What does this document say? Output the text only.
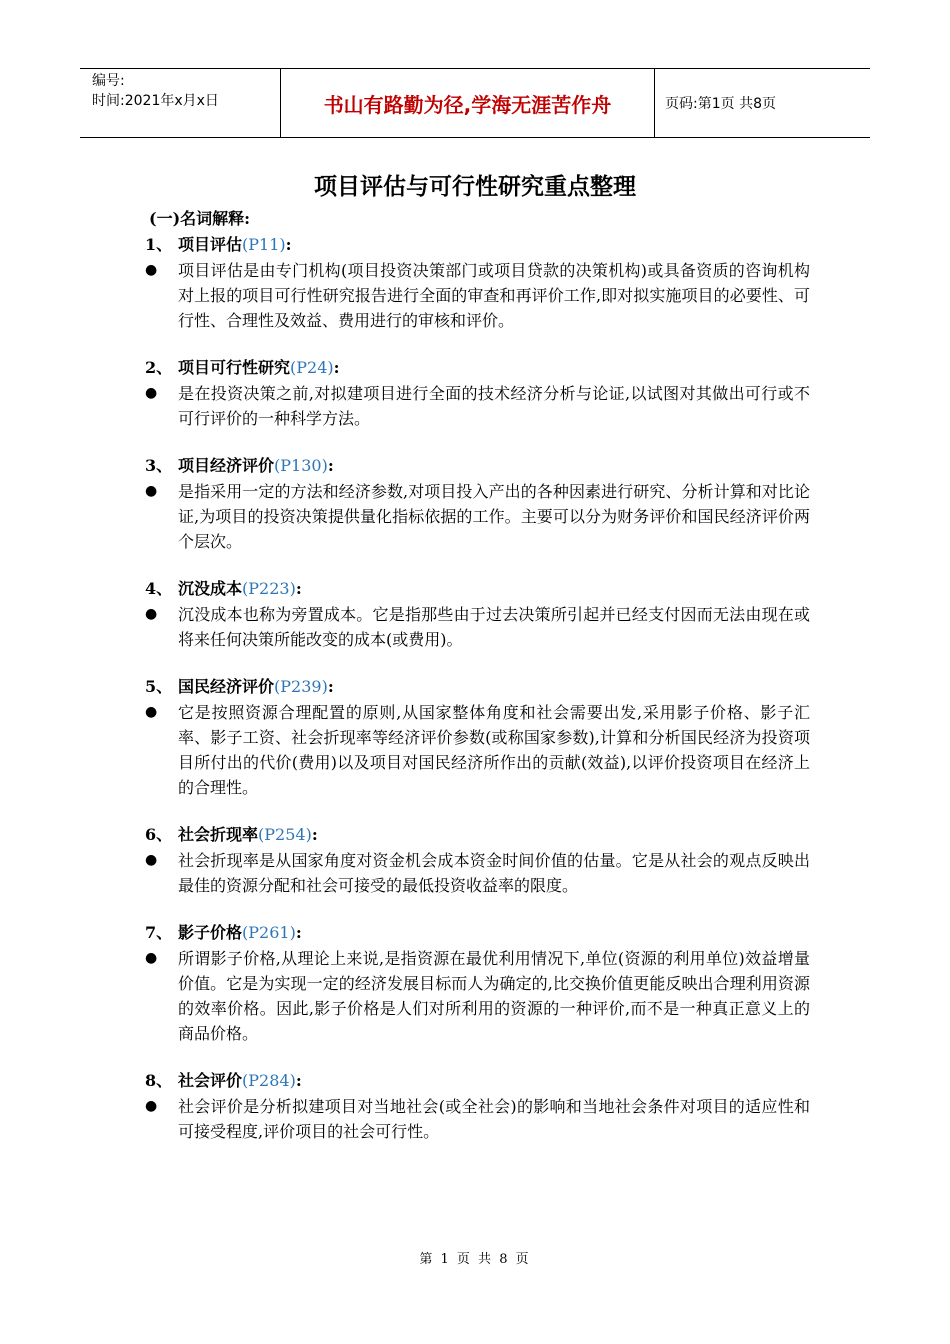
编号:
时间:2021年x月x日	书山有路勤为径,学海无涯苦作舟	页码:第1页 共8页
项目评估与可行性研究重点整理
(一)名词解释:
1、 项目评估 (P11) :
●	项目评估是由专门机构(项目投资决策部门或项目贷款的决策机构)或具备资质的咨询机构对上报的项目可行性研究报告进行全面的审查和再评价工作,即对拟实施项目的必要性、可行性、合理性及效益、费用进行的审核和评价。
2、 项目可行性研究 (P24) :
●	是在投资决策之前,对拟建项目进行全面的技术经济分析与论证,以试图对其做出可行或不可行评价的一种科学方法。
3、 项目经济评价 (P130) :
●	是指采用一定的方法和经济参数,对项目投入产出的各种因素进行研究、分析计算和对比论证,为项目的投资决策提供量化指标依据的工作。主要可以分为财务评价和国民经济评价两个层次。
4、 沉没成本 (P223) :
●	沉没成本也称为旁置成本。它是指那些由于过去决策所引起并已经支付因而无法由现在或将来任何决策所能改变的成本(或费用)。
5、 国民经济评价 (P239) :
●	它是按照资源合理配置的原则,从国家整体角度和社会需要出发,采用影子价格、影子汇率、影子工资、社会折现率等经济评价参数(或称国家参数),计算和分析国民经济为投资项目所付出的代价(费用)以及项目对国民经济所作出的贡献(效益),以评价投资项目在经济上的合理性。
6、 社会折现率 (P254) :
●	社会折现率是从国家角度对资金机会成本资金时间价值的估量。它是从社会的观点反映出最佳的资源分配和社会可接受的最低投资收益率的限度。
7、 影子价格 (P261) :
●	所谓影子价格,从理论上来说,是指资源在最优利用情况下,单位(资源的利用单位)效益增量价值。它是为实现一定的经济发展目标而人为确定的,比交换价值更能反映出合理利用资源的效率价格。因此,影子价格是人们对所利用的资源的一种评价,而不是一种真正意义上的商品价格。
8、 社会评价 (P284) :
●	社会评价是分析拟建项目对当地社会(或全社会)的影响和当地社会条件对项目的适应性和可接受程度,评价项目的社会可行性。
第 1 页 共 8 页
